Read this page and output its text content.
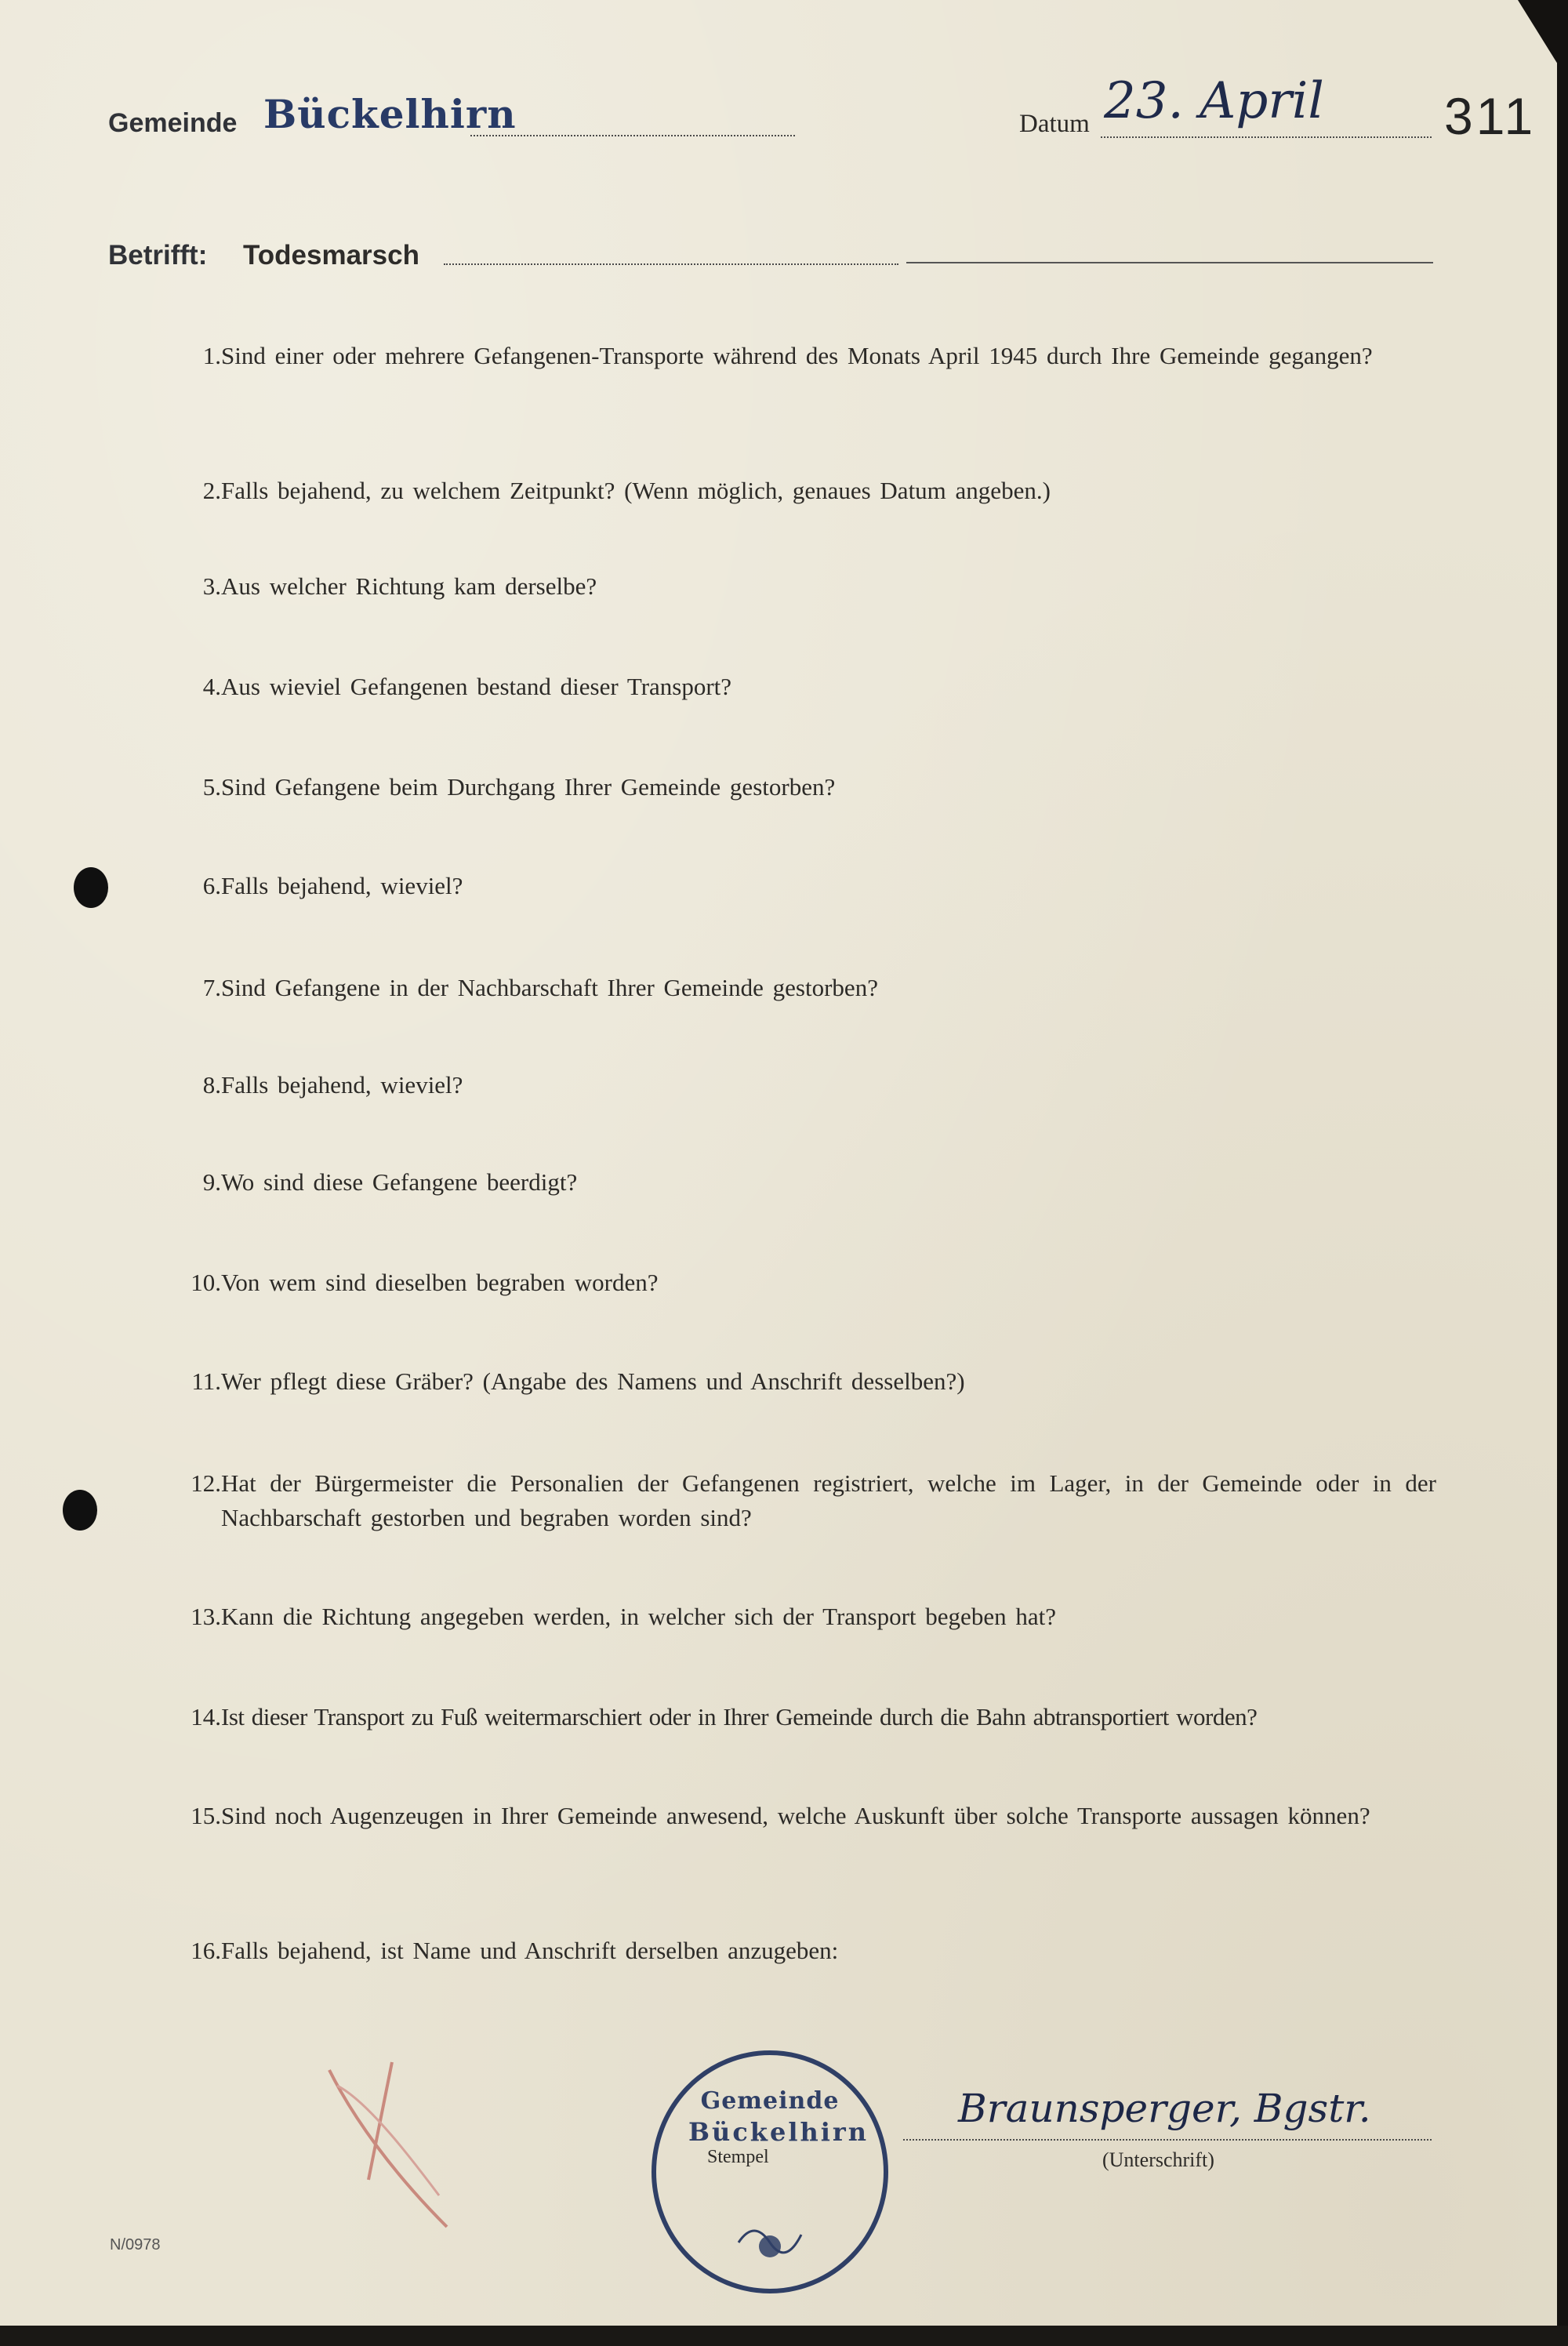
Gemeinde Bückelhirn	Datum 23. April 311
Betrifft: Todesmarsch
1. Sind einer oder mehrere Gefangenen-Transporte während des Monats April 1945 durch Ihre Gemeinde gegangen?
2. Falls bejahend, zu welchem Zeitpunkt? (Wenn möglich, genaues Datum angeben.)
3. Aus welcher Richtung kam derselbe?
4. Aus wieviel Gefangenen bestand dieser Transport?
5. Sind Gefangene beim Durchgang Ihrer Gemeinde gestorben?
6. Falls bejahend, wieviel?
7. Sind Gefangene in der Nachbarschaft Ihrer Gemeinde gestorben?
8. Falls bejahend, wieviel?
9. Wo sind diese Gefangene beerdigt?
10. Von wem sind dieselben begraben worden?
11. Wer pflegt diese Gräber? (Angabe des Namens und Anschrift desselben?)
12. Hat der Bürgermeister die Personalien der Gefangenen registriert, welche im Lager, in der Gemeinde oder in der Nachbarschaft gestorben und begraben worden sind?
13. Kann die Richtung angegeben werden, in welcher sich der Transport begeben hat?
14. Ist dieser Transport zu Fuß weitermarschiert oder in Ihrer Gemeinde durch die Bahn abtransportiert worden?
15. Sind noch Augenzeugen in Ihrer Gemeinde anwesend, welche Auskunft über solche Transporte aussagen können?
16. Falls bejahend, ist Name und Anschrift derselben anzugeben:
Gemeinde
Bückelhirn
Stempel
Braunsperger, Bgstr.
(Unterschrift)
N/0978
